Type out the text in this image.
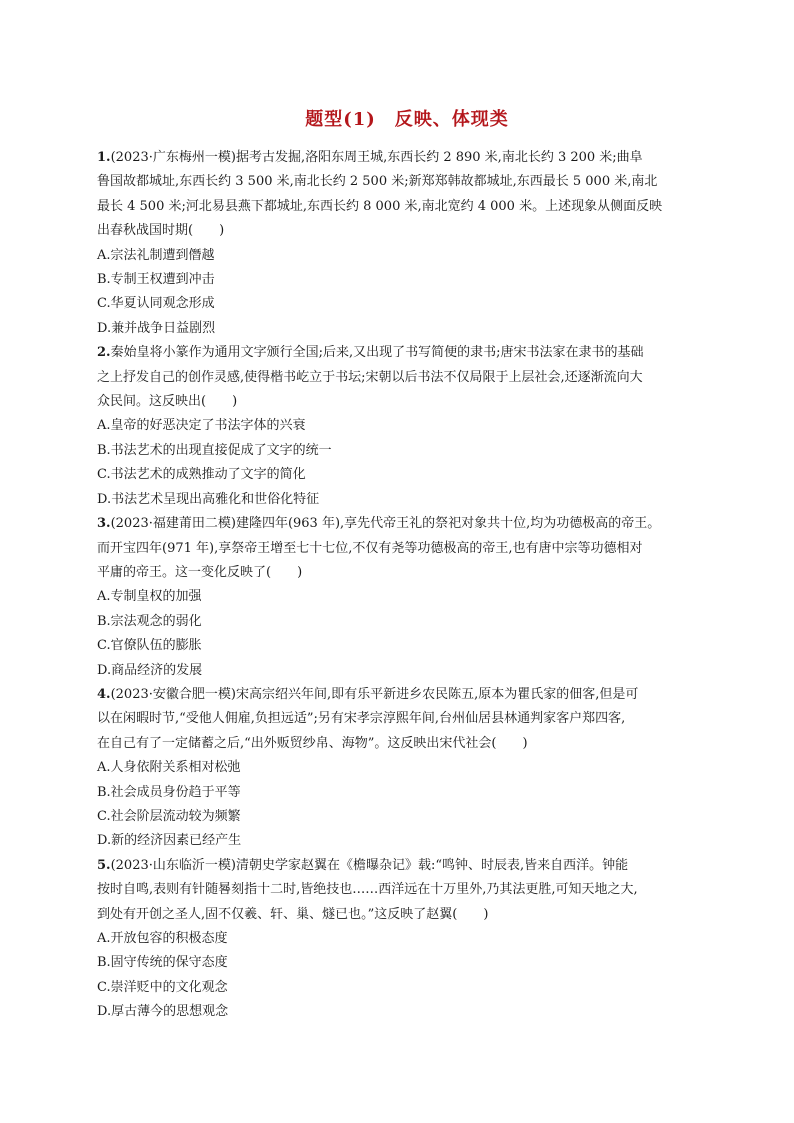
题型(1)　反映、体现类
1.(2023·广东梅州一模)据考古发掘,洛阳东周王城,东西长约 2 890 米,南北长约 3 200 米;曲阜
鲁国故都城址,东西长约 3 500 米,南北长约 2 500 米;新郑郑韩故都城址,东西最长 5 000 米,南北
最长 4 500 米;河北易县燕下都城址,东西长约 8 000 米,南北宽约 4 000 米。上述现象从侧面反映
出春秋战国时期(　　)
A.宗法礼制遭到僭越
B.专制王权遭到冲击
C.华夏认同观念形成
D.兼并战争日益剧烈
2.秦始皇将小篆作为通用文字颁行全国;后来,又出现了书写简便的隶书;唐宋书法家在隶书的基础
之上抒发自己的创作灵感,使得楷书屹立于书坛;宋朝以后书法不仅局限于上层社会,还逐渐流向大
众民间。这反映出(　　)
A.皇帝的好恶决定了书法字体的兴衰
B.书法艺术的出现直接促成了文字的统一
C.书法艺术的成熟推动了文字的简化
D.书法艺术呈现出高雅化和世俗化特征
3.(2023·福建莆田二模)建隆四年(963 年),享先代帝王礼的祭祀对象共十位,均为功德极高的帝王。
而开宝四年(971 年),享祭帝王增至七十七位,不仅有尧等功德极高的帝王,也有唐中宗等功德相对
平庸的帝王。这一变化反映了(　　)
A.专制皇权的加强
B.宗法观念的弱化
C.官僚队伍的膨胀
D.商品经济的发展
4.(2023·安徽合肥一模)宋高宗绍兴年间,即有乐平新进乡农民陈五,原本为瞿氏家的佃客,但是可
以在闲暇时节,“受他人佣雇,负担远适”;另有宋孝宗淳熙年间,台州仙居县林通判家客户郑四客,
在自己有了一定储蓄之后,“出外贩贸纱帛、海物”。这反映出宋代社会(　　)
A.人身依附关系相对松弛
B.社会成员身份趋于平等
C.社会阶层流动较为频繁
D.新的经济因素已经产生
5.(2023·山东临沂一模)清朝史学家赵翼在《檐曝杂记》载:“鸣钟、时辰表,皆来自西洋。钟能
按时自鸣,表则有针随晷刻指十二时,皆绝技也……西洋远在十万里外,乃其法更胜,可知天地之大,
到处有开创之圣人,固不仅羲、轩、巢、燧已也。”这反映了赵翼(　　)
A.开放包容的积极态度
B.固守传统的保守态度
C.崇洋贬中的文化观念
D.厚古薄今的思想观念
